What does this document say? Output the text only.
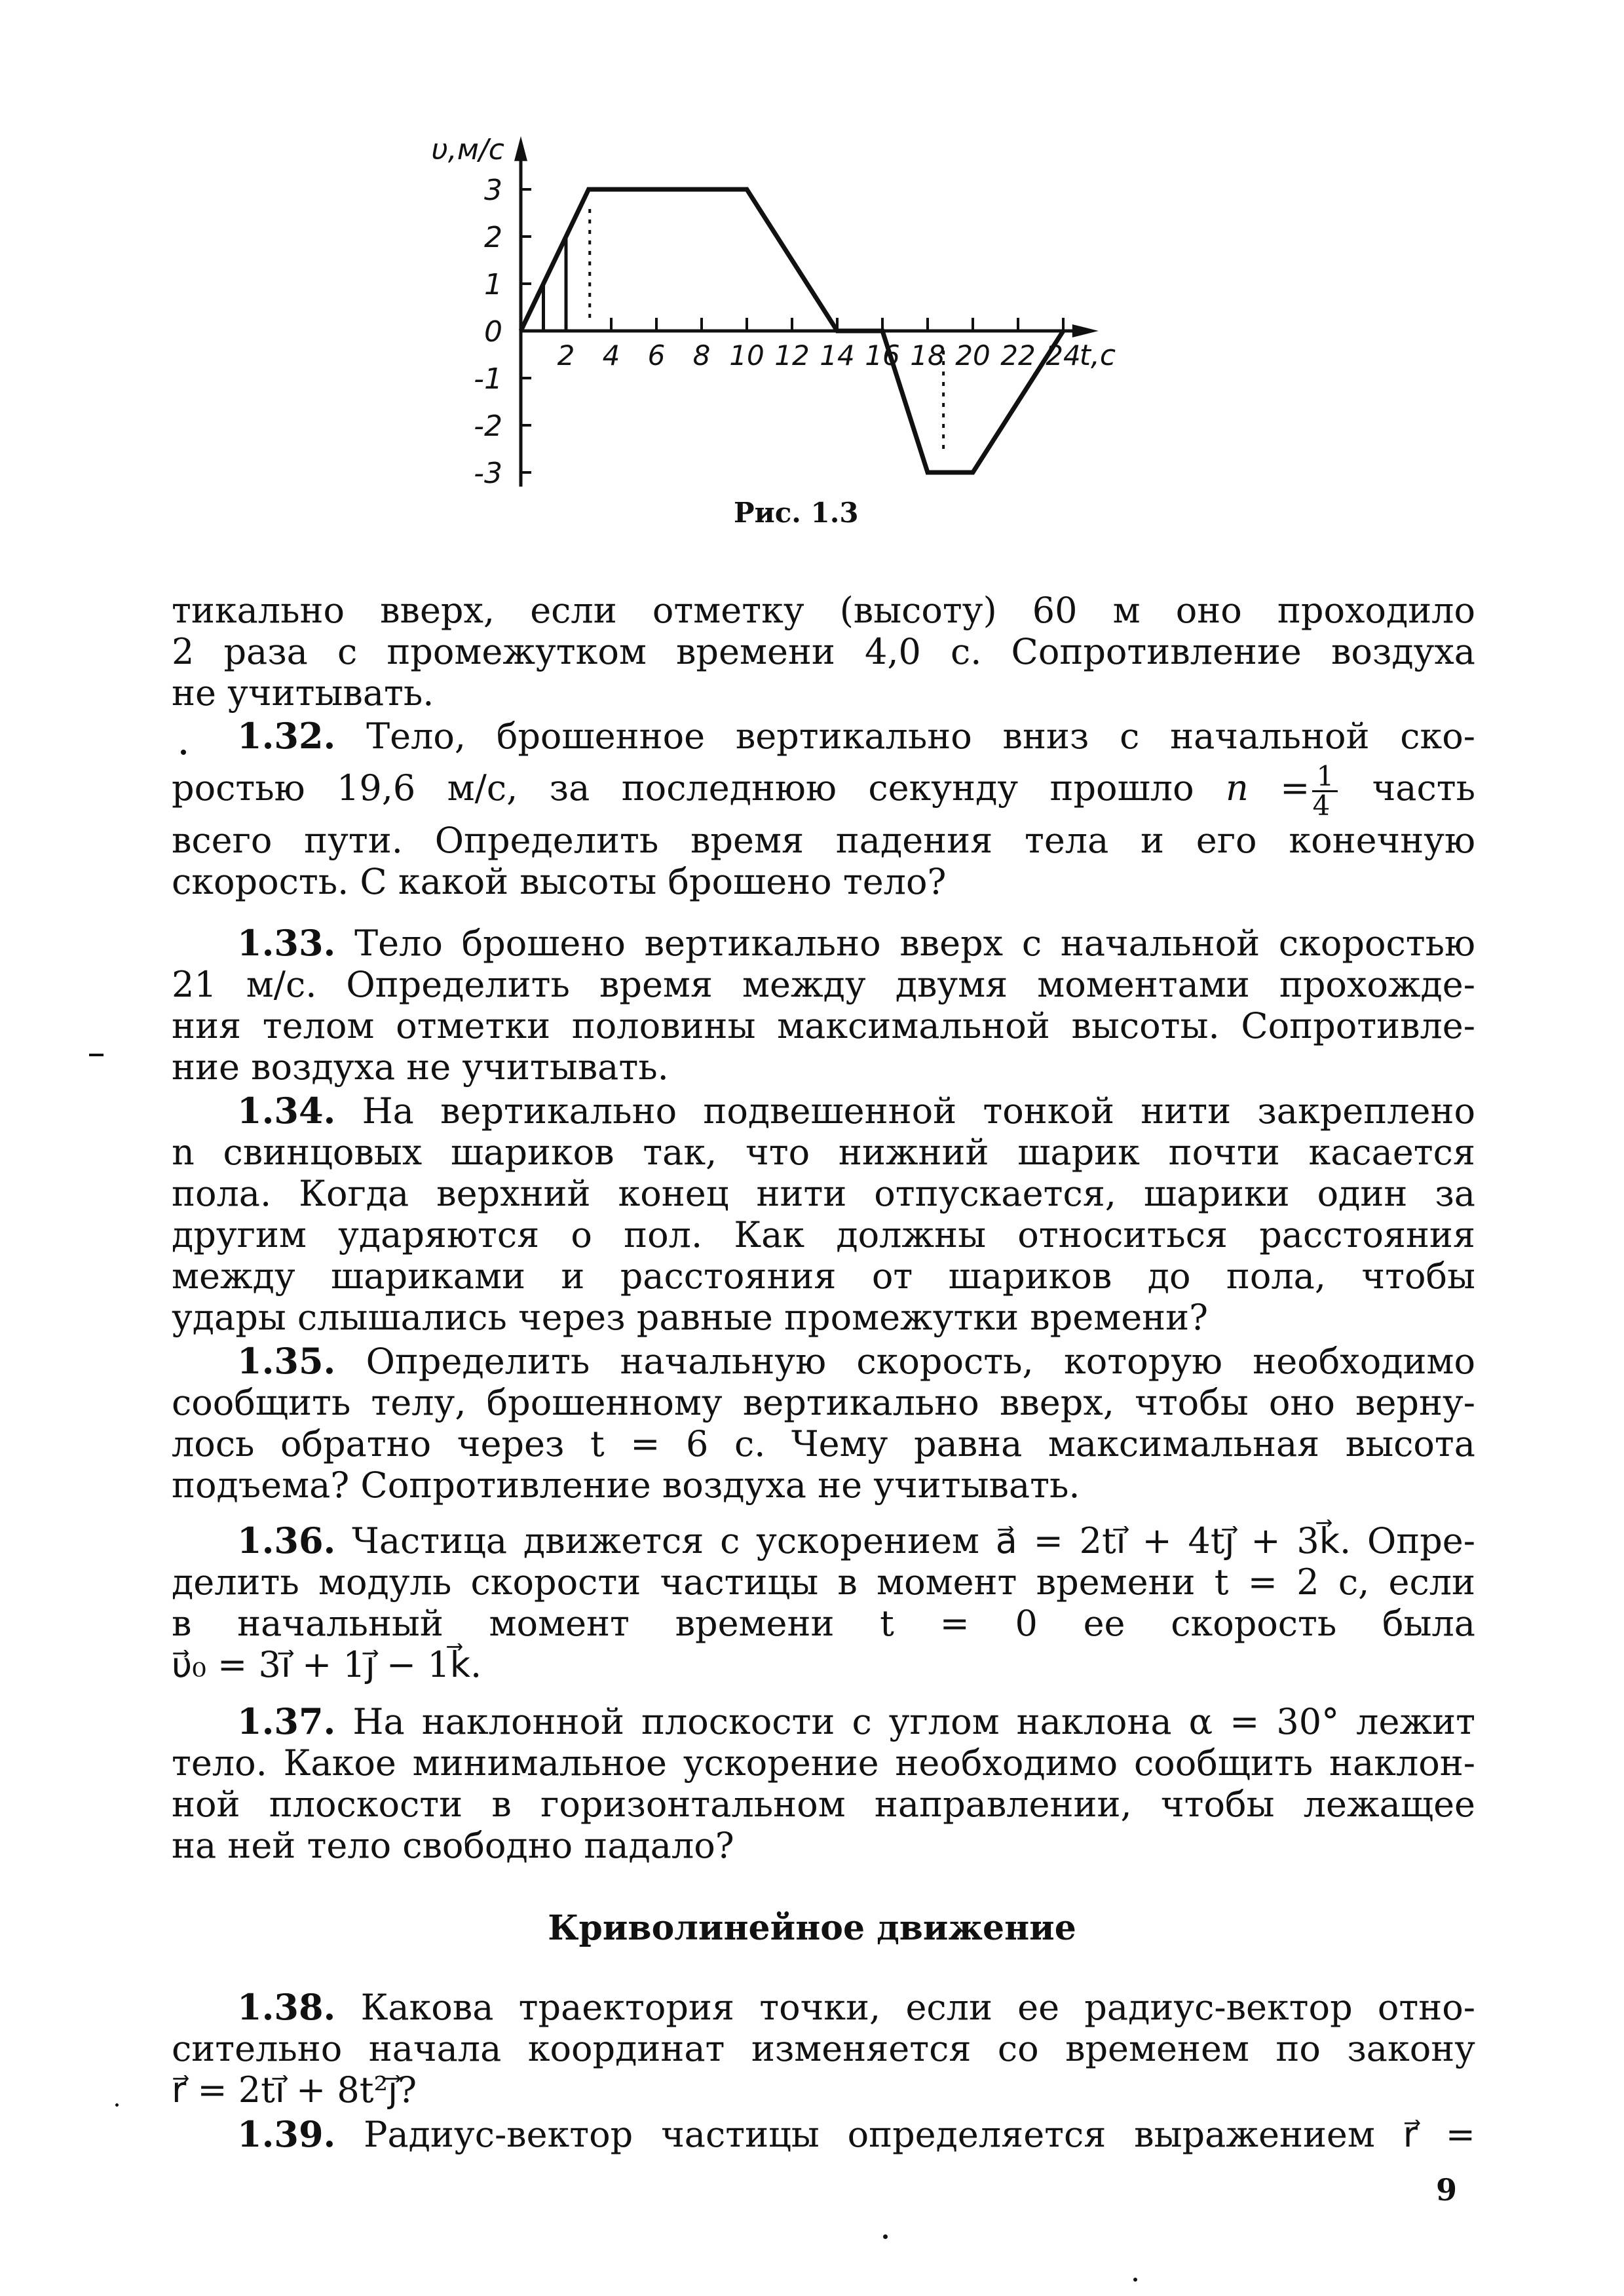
3
2
1
0
-1
-2
-3
2 4 6 8 10 12 14 16 18 20 22 24
υ,м/с
t,с
Рис. 1.3
тикально вверх, если отметку (высоту) 60 м оно проходило
2 раза с промежутком времени 4,0 с. Сопротивление воздуха
не учитывать.
1.32. Тело, брошенное вертикально вниз с начальной ско-
ростью 19,6 м/с, за последнюю секунду прошло $n = \frac{1}{4}$ часть
всего пути. Определить время падения тела и его конечную
скорость. С какой высоты брошено тело?
1.33. Тело брошено вертикально вверх с начальной скоростью
21 м/с. Определить время между двумя моментами прохожде-
ния телом отметки половины максимальной высоты. Сопротивле-
ние воздуха не учитывать.
1.34. На вертикально подвешенной тонкой нити закреплено
n свинцовых шариков так, что нижний шарик почти касается
пола. Когда верхний конец нити отпускается, шарики один за
другим ударяются о пол. Как должны относиться расстояния
между шариками и расстояния от шариков до пола, чтобы
удары слышались через равные промежутки времени?
1.35. Определить начальную скорость, которую необходимо
сообщить телу, брошенному вертикально вверх, чтобы оно верну-
лось обратно через t = 6 с. Чему равна максимальная высота
подъема? Сопротивление воздуха не учитывать.
1.36. Частица движется с ускорением a⃗ = 2ti⃗ + 4tj⃗ + 3k⃗. Опре-
делить модуль скорости частицы в момент времени t = 2 с, если
в начальный момент времени t = 0 ее скорость была
υ⃗₀ = 3i⃗ + 1j⃗ − 1k⃗.
1.37. На наклонной плоскости с углом наклона α = 30° лежит
тело. Какое минимальное ускорение необходимо сообщить наклон-
ной плоскости в горизонтальном направлении, чтобы лежащее
на ней тело свободно падало?
Криволинейное движение
1.38. Какова траектория точки, если ее радиус-вектор отно-
сительно начала координат изменяется со временем по закону
r⃗ = 2ti⃗ + 8t²j⃗?
1.39. Радиус-вектор частицы определяется выражением r⃗ =
9
